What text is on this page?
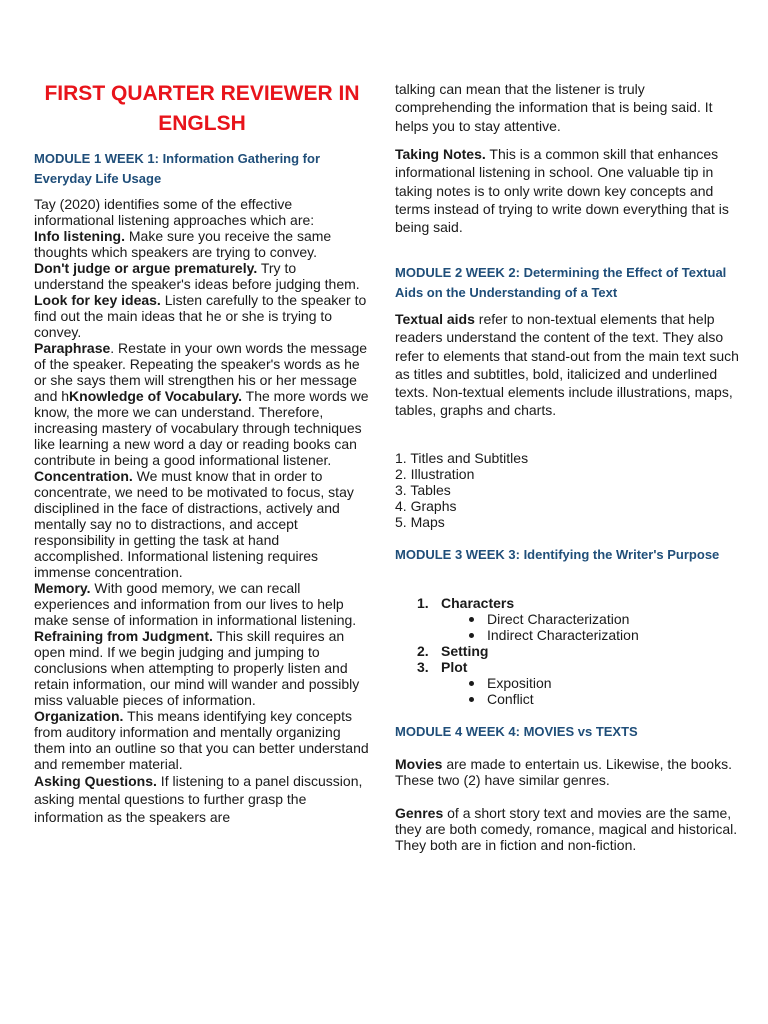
FIRST QUARTER REVIEWER IN ENGLSH
MODULE 1 WEEK 1: Information Gathering for Everyday Life Usage

Tay (2020) identifies some of the effective informational listening approaches which are:

Info listening. Make sure you receive the same thoughts which speakers are trying to convey.

Don't judge or argue prematurely. Try to understand the speaker's ideas before judging them.

Look for key ideas. Listen carefully to the speaker to find out the main ideas that he or she is trying to convey.

Paraphrase. Restate in your own words the message of the speaker. Repeating the speaker's words as he or she says them will strengthen his or her message and hKnowledge of Vocabulary. The more words we know, the more we can understand. Therefore, increasing mastery of vocabulary through techniques like learning a new word a day or reading books can contribute in being a good informational listener.

Concentration. We must know that in order to concentrate, we need to be motivated to focus, stay disciplined in the face of distractions, actively and mentally say no to distractions, and accept responsibility in getting the task at hand accomplished. Informational listening requires immense concentration.

Memory. With good memory, we can recall experiences and information from our lives to help make sense of information in informational listening.

Refraining from Judgment. This skill requires an open mind. If we begin judging and jumping to conclusions when attempting to properly listen and retain information, our mind will wander and possibly miss valuable pieces of information.

Organization. This means identifying key concepts from auditory information and mentally organizing them into an outline so that you can better understand and remember material.

Asking Questions. If listening to a panel discussion, asking mental questions to further grasp the information as the speakers are

talking can mean that the listener is truly comprehending the information that is being said. It helps you to stay attentive.

Taking Notes. This is a common skill that enhances informational listening in school. One valuable tip in taking notes is to only write down key concepts and terms instead of trying to write down everything that is being said.

MODULE 2 WEEK 2: Determining the Effect of Textual Aids on the Understanding of a Text

Textual aids refer to non-textual elements that help readers understand the content of the text. They also refer to elements that stand-out from the main text such as titles and subtitles, bold, italicized and underlined texts. Non-textual elements include illustrations, maps, tables, graphs and charts.

1. Titles and Subtitles
2. Illustration
3. Tables
4. Graphs
5. Maps
MODULE 3 WEEK 3: Identifying the Writer's Purpose
1. Characters
Direct Characterization
Indirect Characterization
2. Setting
3. Plot
Exposition
Conflict
MODULE 4 WEEK 4: MOVIES vs TEXTS

Movies are made to entertain us. Likewise, the books. These two (2) have similar genres.

Genres of a short story text and movies are the same, they are both comedy, romance, magical and historical. They both are in fiction and non-fiction.
